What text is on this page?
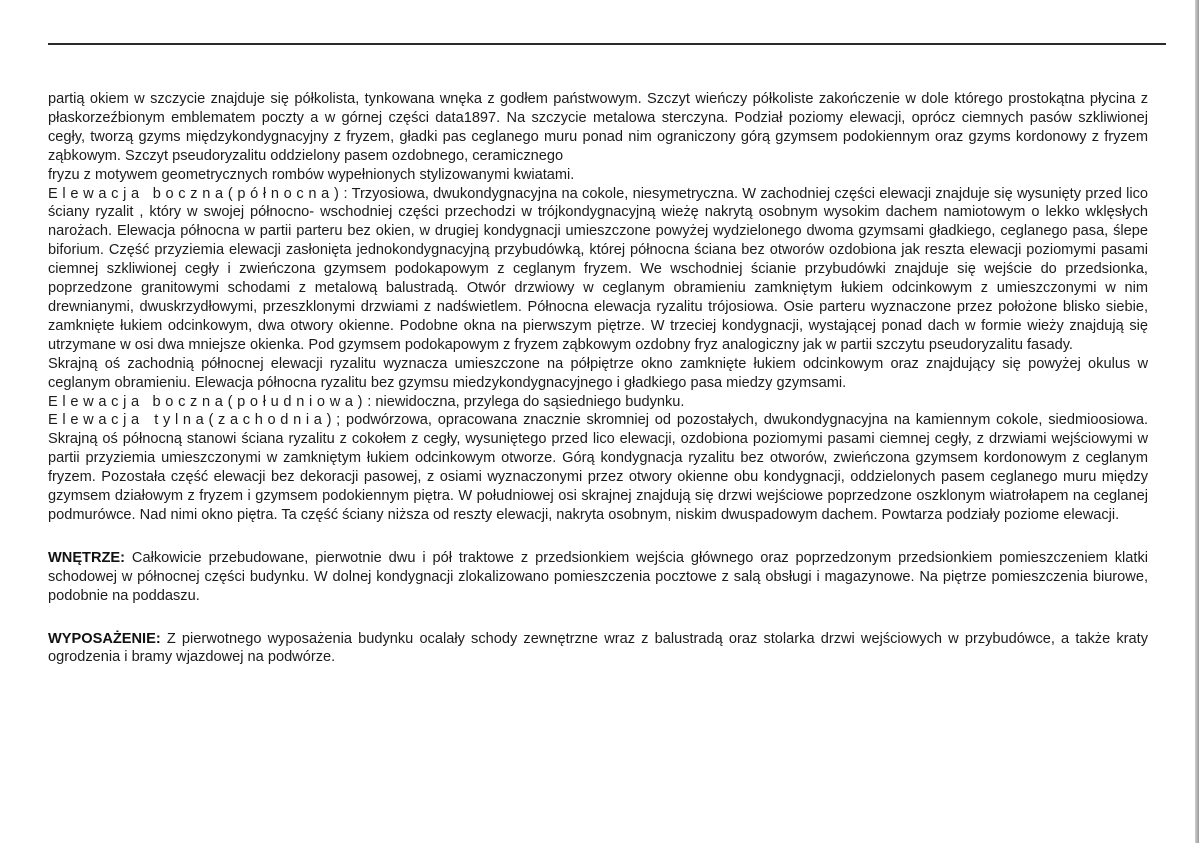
partią okiem w szczycie znajduje się półkolista, tynkowana wnęka z godłem państwowym. Szczyt wieńczy półkoliste zakończenie w dole którego prostokątna płycina z płaskorzeźbionym emblematem poczty a w górnej części data1897. Na szczycie metalowa sterczyna. Podział poziomy elewacji, oprócz ciemnych pasów szkliwionej cegły, tworzą gzyms międzykondygnacyjny z fryzem, gładki pas ceglanego muru ponad nim ograniczony górą gzymsem podokiennym oraz gzyms kordonowy z fryzem ząbkowym. Szczyt pseudoryzalitu oddzielony pasem ozdobnego, ceramicznego

fryzu z motywem geometrycznych rombów wypełnionych stylizowanymi kwiatami.

Elewacja boczna(północna): Trzyosiowa, dwukondygnacyjna na cokole, niesymetryczna. W zachodniej części elewacji znajduje się wysunięty przed lico ściany ryzalit , który w swojej północno- wschodniej części przechodzi w trójkondygnacyjną wieżę nakrytą osobnym wysokim dachem namiotowym o lekko wklęsłych narożach. Elewacja północna w partii parteru bez okien, w drugiej kondygnacji umieszczone powyżej wydzielonego dwoma gzymsami gładkiego, ceglanego pasa, ślepe biforium. Część przyziemia elewacji zasłonięta jednokondygnacyjną przybudówką, której północna ściana bez otworów ozdobiona jak reszta elewacji poziomymi pasami ciemnej szkliwionej cegły i zwieńczona gzymsem podokapowym z ceglanym fryzem. We wschodniej ścianie przybudówki znajduje się wejście do przedsionka, poprzedzone granitowymi schodami z metalową balustradą. Otwór drzwiowy w ceglanym obramieniu zamkniętym łukiem odcinkowym z umieszczonymi w nim drewnianymi, dwuskrzydłowymi, przeszklonymi drzwiami z nadświetlem. Północna elewacja ryzalitu trójosiowa. Osie parteru wyznaczone przez położone blisko siebie, zamknięte łukiem odcinkowym, dwa otwory okienne. Podobne okna na pierwszym piętrze. W trzeciej kondygnacji, wystającej ponad dach w formie wieży znajdują się utrzymane w osi dwa mniejsze okienka. Pod gzymsem podokapowym z fryzem ząbkowym ozdobny fryz analogiczny jak w partii szczytu pseudoryzalitu fasady.

Skrajną oś zachodnią północnej elewacji ryzalitu wyznacza umieszczone na półpiętrze okno zamknięte łukiem odcinkowym oraz znajdujący się powyżej okulus w ceglanym obramieniu. Elewacja północna ryzalitu bez gzymsu miedzykondygnacyjnego i gładkiego pasa miedzy gzymsami.

Elewacja boczna(południowa): niewidoczna, przylega do sąsiedniego budynku.

Elewacja tylna(zachodnia); podwórzowa, opracowana znacznie skromniej od pozostałych, dwukondygnacyjna na kamiennym cokole, siedmioosiowa. Skrajną oś północną stanowi ściana ryzalitu z cokołem z cegły, wysuniętego przed lico elewacji, ozdobiona poziomymi pasami ciemnej cegły, z drzwiami wejściowymi w partii przyziemia umieszczonymi w zamkniętym łukiem odcinkowym otworze. Górą kondygnacja ryzalitu bez otworów, zwieńczona gzymsem kordonowym z ceglanym fryzem. Pozostała część elewacji bez dekoracji pasowej, z osiami wyznaczonymi przez otwory okienne obu kondygnacji, oddzielonych pasem ceglanego muru między gzymsem działowym z fryzem i gzymsem podokiennym piętra. W południowej osi skrajnej znajdują się drzwi wejściowe poprzedzone oszklonym wiatrołapem na ceglanej podmurówce. Nad nimi okno piętra. Ta część ściany niższa od reszty elewacji, nakryta osobnym, niskim dwuspadowym dachem. Powtarza podziały poziome elewacji.

WNĘTRZE: Całkowicie przebudowane, pierwotnie dwu i pół traktowe z przedsionkiem wejścia głównego oraz poprzedzonym przedsionkiem pomieszczeniem klatki schodowej w północnej części budynku. W dolnej kondygnacji zlokalizowano pomieszczenia pocztowe z salą obsługi i magazynowe. Na piętrze pomieszczenia biurowe, podobnie na poddaszu.

WYPOSAŻENIE: Z pierwotnego wyposażenia budynku ocalały schody zewnętrzne wraz z balustradą oraz stolarka drzwi wejściowych w przybudówce, a także kraty ogrodzenia i bramy wjazdowej na podwórze.
